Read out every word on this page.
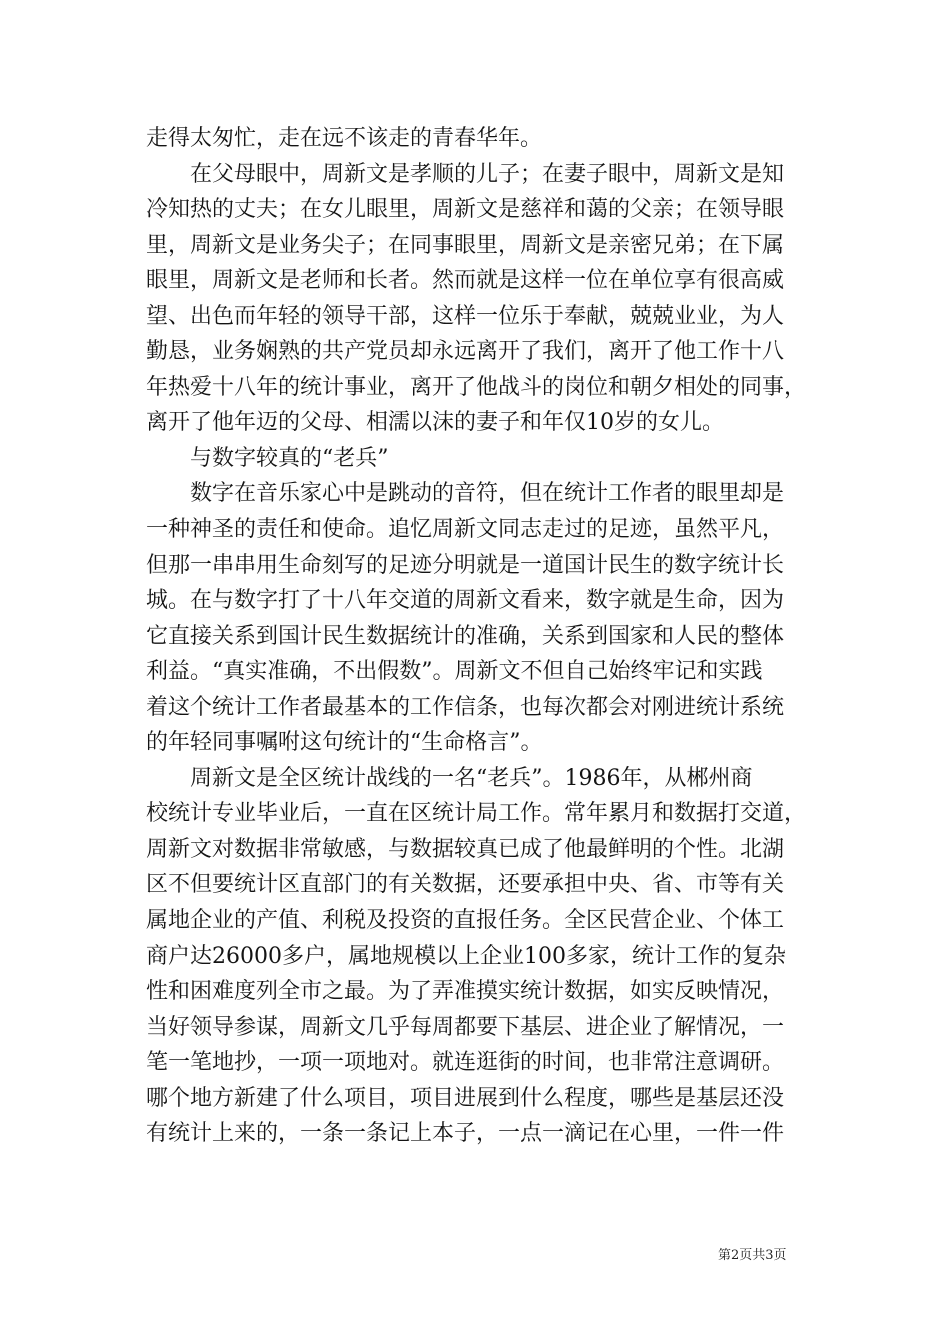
走得太匆忙，走在远不该走的青春华年。
　　在父母眼中，周新文是孝顺的儿子；在妻子眼中，周新文是知
冷知热的丈夫；在女儿眼里，周新文是慈祥和蔼的父亲；在领导眼
里，周新文是业务尖子；在同事眼里，周新文是亲密兄弟；在下属
眼里，周新文是老师和长者。然而就是这样一位在单位享有很高威
望、出色而年轻的领导干部，这样一位乐于奉献，兢兢业业，为人
勤恳，业务娴熟的共产党员却永远离开了我们，离开了他工作十八
年热爱十八年的统计事业，离开了他战斗的岗位和朝夕相处的同事，
离开了他年迈的父母、相濡以沫的妻子和年仅10岁的女儿。
　　与数字较真的“老兵”
　　数字在音乐家心中是跳动的音符，但在统计工作者的眼里却是
一种神圣的责任和使命。追忆周新文同志走过的足迹，虽然平凡，
但那一串串用生命刻写的足迹分明就是一道国计民生的数字统计长
城。在与数字打了十八年交道的周新文看来，数字就是生命，因为
它直接关系到国计民生数据统计的准确，关系到国家和人民的整体
利益。“真实准确，不出假数”。周新文不但自己始终牢记和实践
着这个统计工作者最基本的工作信条，也每次都会对刚进统计系统
的年轻同事嘱咐这句统计的“生命格言”。
　　周新文是全区统计战线的一名“老兵”。1986年，从郴州商
校统计专业毕业后，一直在区统计局工作。常年累月和数据打交道，
周新文对数据非常敏感，与数据较真已成了他最鲜明的个性。北湖
区不但要统计区直部门的有关数据，还要承担中央、省、市等有关
属地企业的产值、利税及投资的直报任务。全区民营企业、个体工
商户达26000多户，属地规模以上企业100多家，统计工作的复杂
性和困难度列全市之最。为了弄准摸实统计数据，如实反映情况，
当好领导参谋，周新文几乎每周都要下基层、进企业了解情况，一
笔一笔地抄，一项一项地对。就连逛街的时间，也非常注意调研。
哪个地方新建了什么项目，项目进展到什么程度，哪些是基层还没
有统计上来的，一条一条记上本子，一点一滴记在心里，一件一件
第2页共3页
